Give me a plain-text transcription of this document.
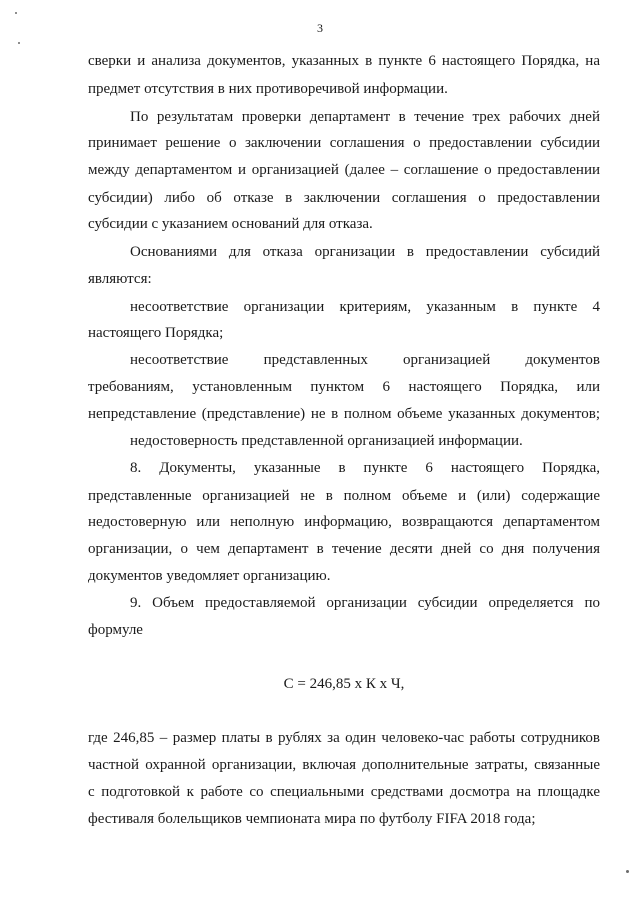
3
сверки и анализа документов, указанных в пункте 6 настоящего Порядка, на
предмет отсутствия в них противоречивой информации.
По результатам проверки департамент в течение трех рабочих дней
принимает решение о заключении соглашения о предоставлении субсидии
между департаментом и организацией (далее – соглашение о предоставлении
субсидии) либо об отказе в заключении соглашения о предоставлении
субсидии с указанием оснований для отказа.
Основаниями для отказа организации в предоставлении субсидий
являются:
несоответствие организации критериям, указанным в пункте 4
настоящего Порядка;
несоответствие представленных организацией документов
требованиям, установленным пунктом 6 настоящего Порядка, или
непредставление (представление) не в полном объеме указанных документов;
недостоверность представленной организацией информации.
8. Документы, указанные в пункте 6 настоящего Порядка,
представленные организацией не в полном объеме и (или) содержащие
недостоверную или неполную информацию, возвращаются департаментом
организации, о чем департамент в течение десяти дней со дня получения
документов уведомляет организацию.
9. Объем предоставляемой организации субсидии определяется по
формуле
С = 246,85 х К х Ч,
где 246,85 – размер платы в рублях за один человеко-час работы сотрудников
частной охранной организации, включая дополнительные затраты, связанные
с подготовкой к работе со специальными средствами досмотра на площадке
фестиваля болельщиков чемпионата мира по футболу FIFA 2018 года;
